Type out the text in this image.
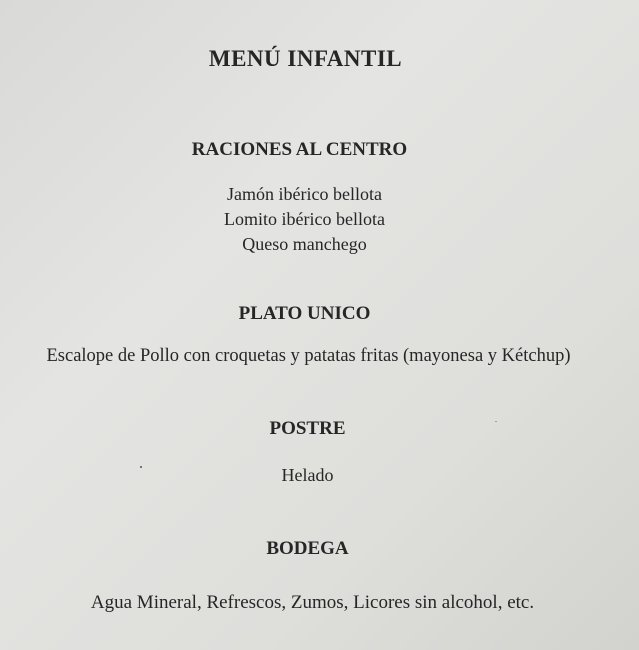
MENÚ INFANTIL
RACIONES AL CENTRO
Jamón ibérico bellota
Lomito ibérico bellota
Queso manchego
PLATO UNICO
Escalope de Pollo con croquetas y patatas fritas (mayonesa y Kétchup)
POSTRE
Helado
BODEGA
Agua Mineral, Refrescos, Zumos, Licores sin alcohol, etc.
